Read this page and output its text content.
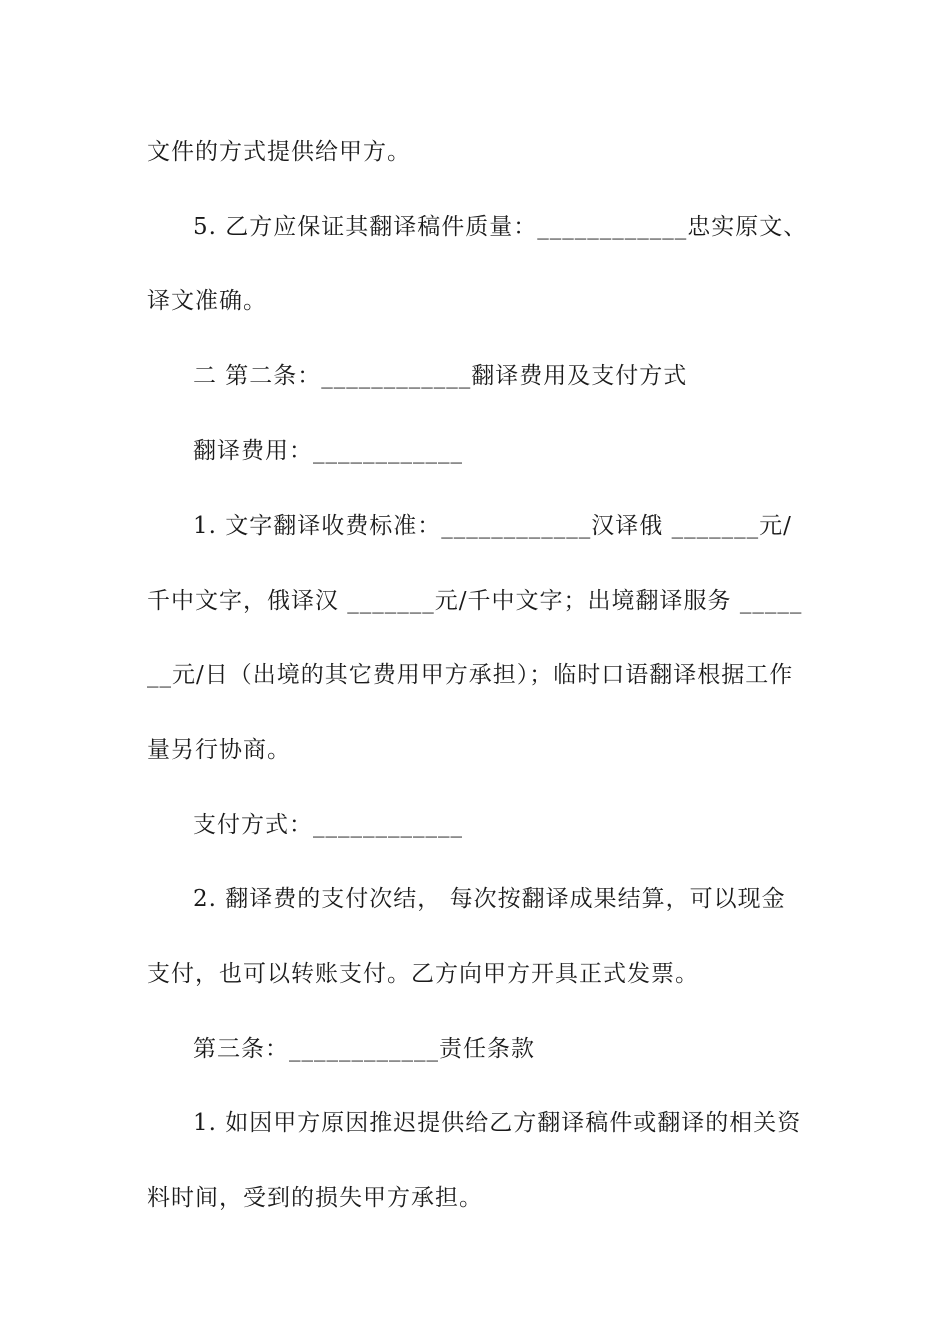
文件的方式提供给甲方。
5. 乙方应保证其翻译稿件质量：____________忠实原文、
译文准确。
二 第二条：____________翻译费用及支付方式
翻译费用：____________
1. 文字翻译收费标准：____________汉译俄 _______元/
千中文字，俄译汉 _______元/千中文字；出境翻译服务 _____
__元/日（出境的其它费用甲方承担）；临时口语翻译根据工作
量另行协商。
支付方式：____________
2. 翻译费的支付次结， 每次按翻译成果结算，可以现金
支付，也可以转账支付。乙方向甲方开具正式发票。
第三条：____________责任条款
1. 如因甲方原因推迟提供给乙方翻译稿件或翻译的相关资
料时间，受到的损失甲方承担。
